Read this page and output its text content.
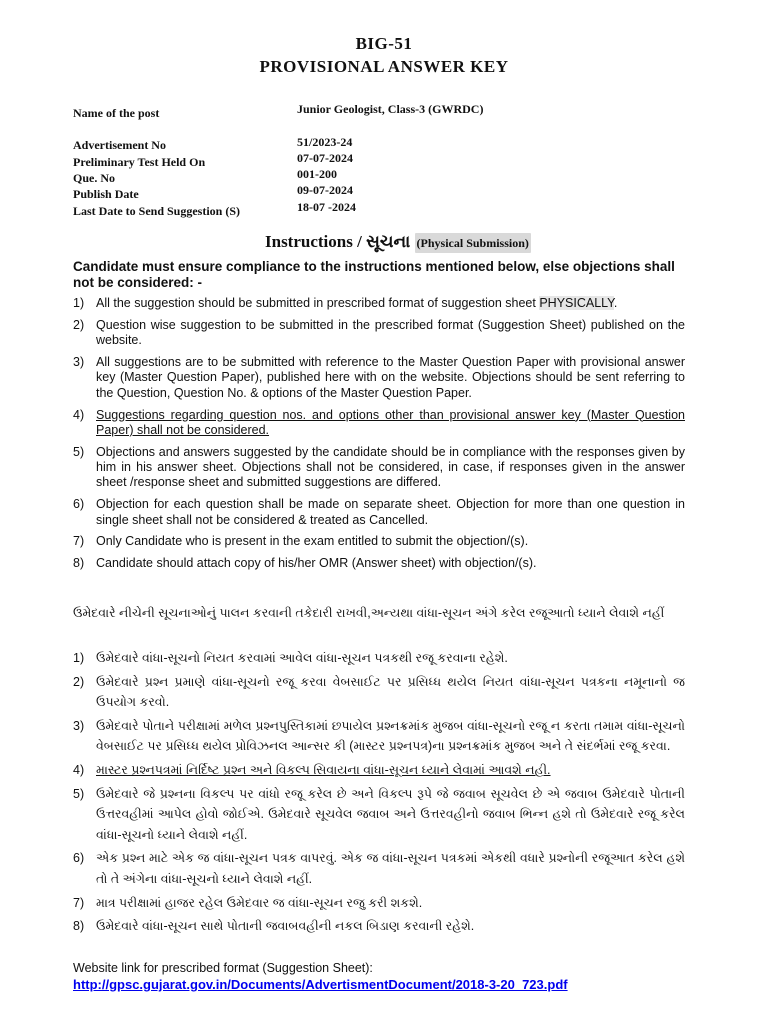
BIG-51
PROVISIONAL ANSWER KEY
Name of the post	Junior Geologist, Class-3 (GWRDC)
Advertisement No	51/2023-24
Preliminary Test Held On	07-07-2024
Que. No	001-200
Publish Date	09-07-2024
Last Date to Send Suggestion (S)	18-07 -2024
Instructions / સૂચના (Physical Submission)
Candidate must ensure compliance to the instructions mentioned below, else objections shall not be considered: -
1) All the suggestion should be submitted in prescribed format of suggestion sheet PHYSICALLY.
2) Question wise suggestion to be submitted in the prescribed format (Suggestion Sheet) published on the website.
3) All suggestions are to be submitted with reference to the Master Question Paper with provisional answer key (Master Question Paper), published here with on the website. Objections should be sent referring to the Question, Question No. & options of the Master Question Paper.
4) Suggestions regarding question nos. and options other than provisional answer key (Master Question Paper) shall not be considered.
5) Objections and answers suggested by the candidate should be in compliance with the responses given by him in his answer sheet. Objections shall not be considered, in case, if responses given in the answer sheet /response sheet and submitted suggestions are differed.
6) Objection for each question shall be made on separate sheet. Objection for more than one question in single sheet shall not be considered & treated as Cancelled.
7) Only Candidate who is present in the exam entitled to submit the objection/(s).
8) Candidate should attach copy of his/her OMR (Answer sheet) with objection/(s).
ઉમેદવારે નીચેની સૂચનાઓનું પાલન કરવાની તકેદારી રાખવી,અન્યથા વાંધા-સૂચન અંગે કરેલ રજૂઆતો ધ્યાને લેવાશે નહીં
1) ઉમેદવારે વાંધા-સૂચનો નિયત કરવામાં આવેલ વાંધા-સૂચન પત્રકથી રજૂ કરવાના રહેશે.
2) ઉમેદવારે પ્રશ્ન પ્રમાણે વાંધા-સૂચનો રજૂ કરવા વેબસાઈટ પર પ્રસિધ્ધ થયેલ નિયત વાંધા-સૂચન પત્રકના નમૂનાનો જ ઉપયોગ કરવો.
3) ઉમેદવારે પોતાને પરીક્ષામાં મળેલ પ્રશ્નપુસ્તિકામાં છપાયેલ પ્રશ્નક્રમાંક મુજબ વાંધા-સૂચનો રજૂ ન કરતા તમામ વાંધા-સૂચનો વેબસાઈટ પર પ્રસિધ્ધ થયેલ પ્રોવિઝનલ આન્સર કી (માસ્ટર પ્રશ્નપત્ર)ના પ્રશ્નક્રમાંક મુજબ અને તે સંદર્ભમાં રજૂ કરવા.
4) માસ્ટર પ્રશ્નપત્રમાં નિર્દિષ્ટ પ્રશ્ન અને વિકલ્પ સિવાયના વાંધા-સૂચન ધ્યાને લેવામાં આવશે નહી.
5) ઉમેદવારે જે પ્રશ્નના વિકલ્પ પર વાંધો રજૂ કરેલ છે અને વિકલ્પ રૂપે જે જવાબ સૂચવેલ છે એ જવાબ ઉમેદવારે પોતાની ઉત્તરવહીમાં આપેલ હોવો જોઈએ. ઉમેદવારે સૂચવેલ જવાબ અને ઉત્તરવહીનો જવાબ ભિન્ન હશે તો ઉમેદવારે રજૂ કરેલ વાંધા-સૂચનો ધ્યાને લેવાશે નહીં.
6) એક પ્રશ્ન માટે એક જ વાંધા-સૂચન પત્રક વાપરવું. એક જ વાંધા-સૂચન પત્રકમાં એકથી વધારે પ્રશ્નોની રજૂઆત કરેલ હશે તો તે અંગેના વાંધા-સૂચનો ધ્યાને લેવાશે નહીં.
7) માત્ર પરીક્ષામાં હાજર રહેલ ઉમેદવાર જ વાંધા-સૂચન રજુ કરી શકશે.
8) ઉમેદવારે વાંધા-સૂચન સાથે પોતાની જવાબવહીની નકલ બિડાણ કરવાની રહેશે.
Website link for prescribed format (Suggestion Sheet):
http://gpsc.gujarat.gov.in/Documents/AdvertismentDocument/2018-3-20_723.pdf
